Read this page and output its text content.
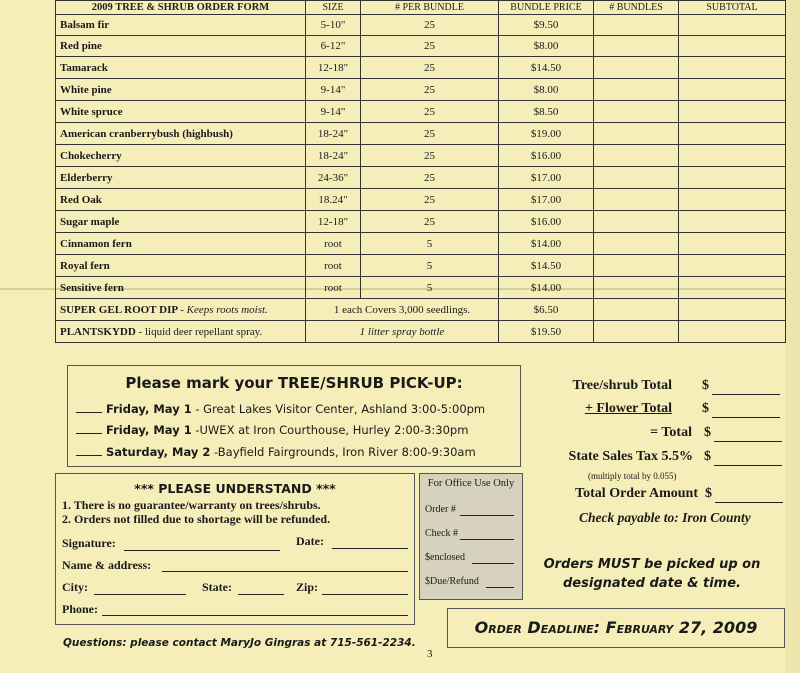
2009 TREE & SHRUB ORDER FORM	SIZE	# PER BUNDLE	BUNDLE PRICE	# BUNDLES	SUBTOTAL
Balsam fir	5-10"	25	$9.50		
Red pine	6-12"	25	$8.00		
Tamarack	12-18"	25	$14.50		
White pine	9-14"	25	$8.00		
White spruce	9-14"	25	$8.50		
American cranberrybush (highbush)	18-24"	25	$19.00		
Chokecherry	18-24"	25	$16.00		
Elderberry	24-36"	25	$17.00		
Red Oak	18.24"	25	$17.00		
Sugar maple	12-18"	25	$16.00		
Cinnamon fern	root	5	$14.00		
Royal fern	root	5	$14.50		
Sensitive fern	root	5	$14.00		
SUPER GEL ROOT DIP - Keeps roots moist.	1 each Covers 3,000 seedlings.		$6.50		
PLANTSKYDD - liquid deer repellant spray.	1 litter spray bottle		$19.50		
Please mark your TREE/SHRUB PICK-UP:
Friday, May 1 - Great Lakes Visitor Center, Ashland 3:00-5:00pm
Friday, May 1 -UWEX at Iron Courthouse, Hurley 2:00-3:30pm
Saturday, May 2 -Bayfield Fairgrounds, Iron River 8:00-9:30am
Tree/shrub Total $
+ Flower Total $
= Total $
State Sales Tax 5.5% $
(multiply total by 0.055)
Total Order Amount $
Check payable to: Iron County
*** PLEASE UNDERSTAND ***
1. There is no guarantee/warranty on trees/shrubs.
2. Orders not filled due to shortage will be refunded.
Signature:	Date:
Name & address:
City:	State:	Zip:
Phone:
For Office Use Only
Order #
Check #
$enclosed
$Due/Refund
Orders MUST be picked up on
designated date & time.
Order Deadline: February 27, 2009
Questions: please contact MaryJo Gingras at 715-561-2234.
3
